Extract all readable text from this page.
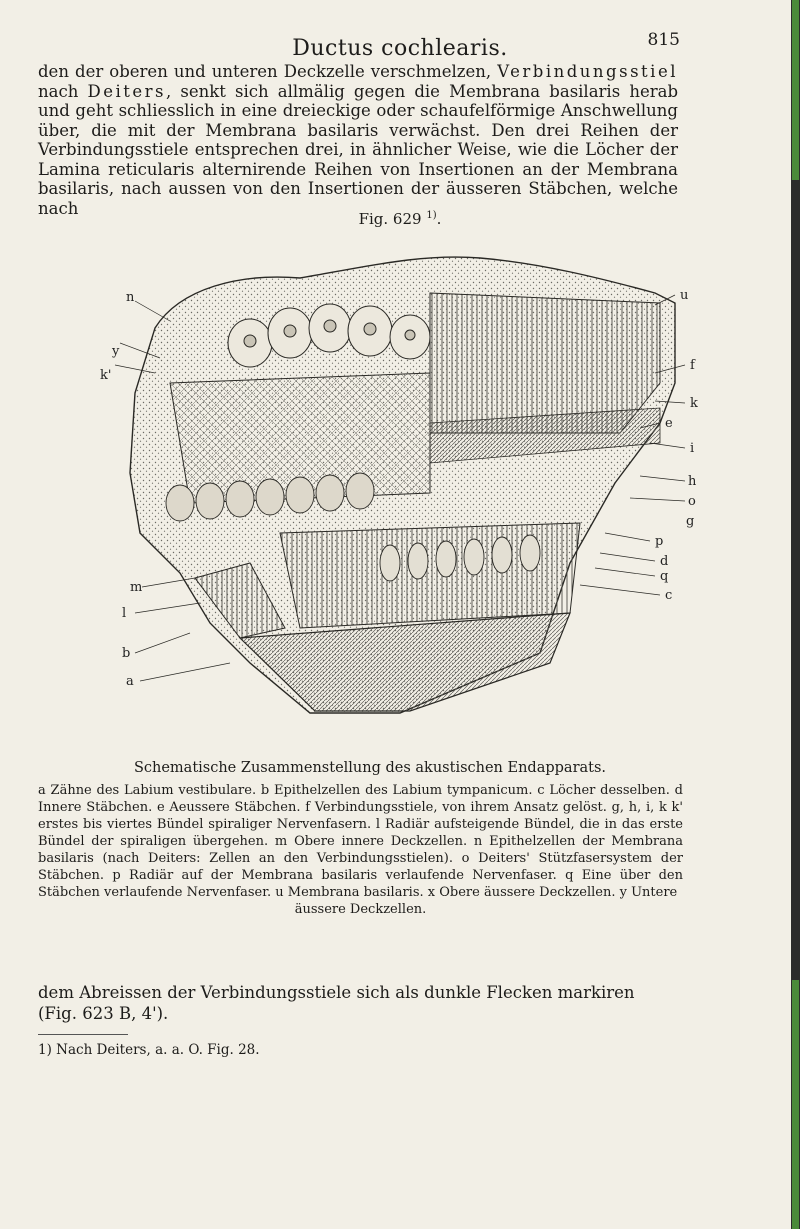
Ductus cochlearis.	815
den der oberen und unteren Deckzelle verschmelzen, Verbindungsstiel nach Deiters, senkt sich allmälig gegen die Membrana basilaris herab und geht schliesslich in eine dreieckige oder schaufelförmige Anschwellung über, die mit der Membrana basilaris verwächst. Den drei Reihen der Verbindungsstiele entsprechen drei, in ähnlicher Weise, wie die Löcher der Lamina reticularis alternirende Reihen von Insertionen an der Membrana basilaris, nach aussen von den Insertionen der äusseren Stäbchen, welche nach
Fig. 629 $^{1)}$.
y
k'
n	u
f
k
e
i
h
o
p
d
q
c
m
l
b
a
g
Schematische Zusammenstellung des akustischen Endapparats.
a Zähne des Labium vestibulare. b Epithelzellen des Labium tympanicum. c Löcher desselben. d Innere Stäbchen. e Aeussere Stäbchen. f Verbindungsstiele, von ihrem Ansatz gelöst. g, h, i, k k' erstes bis viertes Bündel spiraliger Nervenfasern. l Radiär aufsteigende Bündel, die in das erste Bündel der spiraligen übergehen. m Obere innere Deckzellen. n Epithelzellen der Membrana basilaris (nach Deiters: Zellen an den Verbindungsstielen). o Deiters' Stützfasersystem der Stäbchen. p Radiär auf der Membrana basilaris verlaufende Nervenfaser. q Eine über den Stäbchen verlaufende Nervenfaser. u Membrana basilaris. x Obere äussere Deckzellen. y Untere
äussere Deckzellen.
dem Abreissen der Verbindungsstiele sich als dunkle Flecken markiren (Fig. 623 B, 4').
1) Nach Deiters, a. a. O. Fig. 28.
